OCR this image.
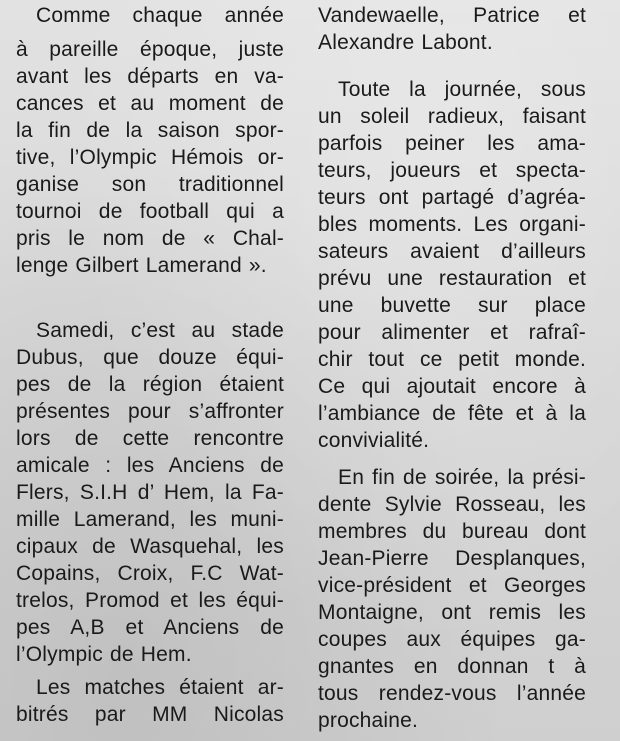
Comme chaque année
à pareille époque, juste
avant les départs en va-
cances et au moment de
la fin de la saison spor-
tive, l’Olympic Hémois or-
ganise son traditionnel
tournoi de football qui a
pris le nom de « Chal-
lenge Gilbert Lamerand ».
Samedi, c’est au stade
Dubus, que douze équi-
pes de la région étaient
présentes pour s’affronter
lors de cette rencontre
amicale : les Anciens de
Flers, S.I.H d’ Hem, la Fa-
mille Lamerand, les muni-
cipaux de Wasquehal, les
Copains, Croix, F.C Wat-
trelos, Promod et les équi-
pes A,B et Anciens de
l’Olympic de Hem.
Les matches étaient ar-
bitrés par MM Nicolas
Vandewaelle, Patrice et
Alexandre Labont.
Toute la journée, sous
un soleil radieux, faisant
parfois peiner les ama-
teurs, joueurs et specta-
teurs ont partagé d’agréa-
bles moments. Les organi-
sateurs avaient d’ailleurs
prévu une restauration et
une buvette sur place
pour alimenter et rafraî-
chir tout ce petit monde.
Ce qui ajoutait encore à
l’ambiance de fête et à la
convivialité.
En fin de soirée, la prési-
dente Sylvie Rosseau, les
membres du bureau dont
Jean-Pierre Desplanques,
vice-président et Georges
Montaigne, ont remis les
coupes aux équipes ga-
gnantes en donnan t à
tous rendez-vous l’année
prochaine.
